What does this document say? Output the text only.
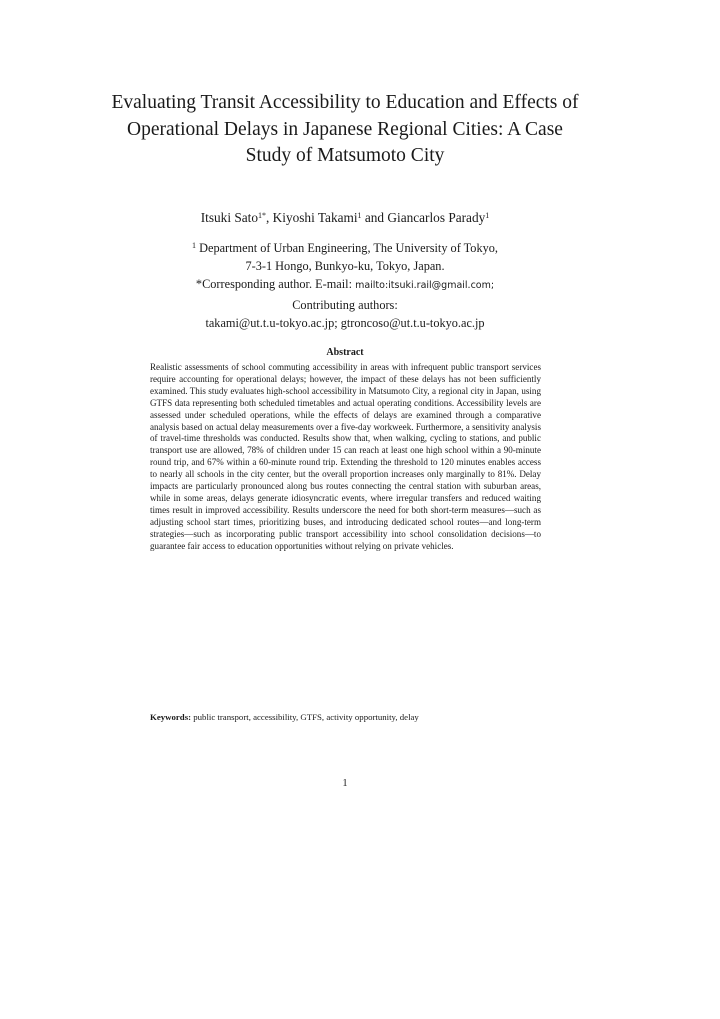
Evaluating Transit Accessibility to Education and Effects of Operational Delays in Japanese Regional Cities: A Case Study of Matsumoto City
Itsuki Sato$^{1*}$, Kiyoshi Takami$^1$ and Giancarlos Parady$^1$
$^1$ Department of Urban Engineering, The University of Tokyo,
7-3-1 Hongo, Bunkyo-ku, Tokyo, Japan.
*Corresponding author. E-mail: mailto:itsuki.rail@gmail.com;
Contributing authors:
takami@ut.t.u-tokyo.ac.jp; gtroncoso@ut.t.u-tokyo.ac.jp
Abstract
Realistic assessments of school commuting accessibility in areas with infrequent public transport services require accounting for operational delays; however, the impact of these delays has not been sufficiently examined. This study evaluates high-school accessibility in Matsumoto City, a regional city in Japan, using GTFS data representing both scheduled timetables and actual operating conditions. Accessibility levels are assessed under scheduled operations, while the effects of delays are examined through a comparative analysis based on actual delay measurements over a five-day workweek. Furthermore, a sensitivity analysis of travel-time thresholds was conducted. Results show that, when walking, cycling to stations, and public transport use are allowed, 78% of children under 15 can reach at least one high school within a 90-minute round trip, and 67% within a 60-minute round trip. Extending the threshold to 120 minutes enables access to nearly all schools in the city center, but the overall proportion increases only marginally to 81%. Delay impacts are particularly pronounced along bus routes connecting the central station with suburban areas, while in some areas, delays generate idiosyncratic events, where irregular transfers and reduced waiting times result in improved accessibility. Results underscore the need for both short-term measures—such as adjusting school start times, prioritizing buses, and introducing dedicated school routes—and long-term strategies—such as incorporating public transport accessibility into school consolidation decisions—to guarantee fair access to education opportunities without relying on private vehicles.
Keywords: public transport, accessibility, GTFS, activity opportunity, delay
1
